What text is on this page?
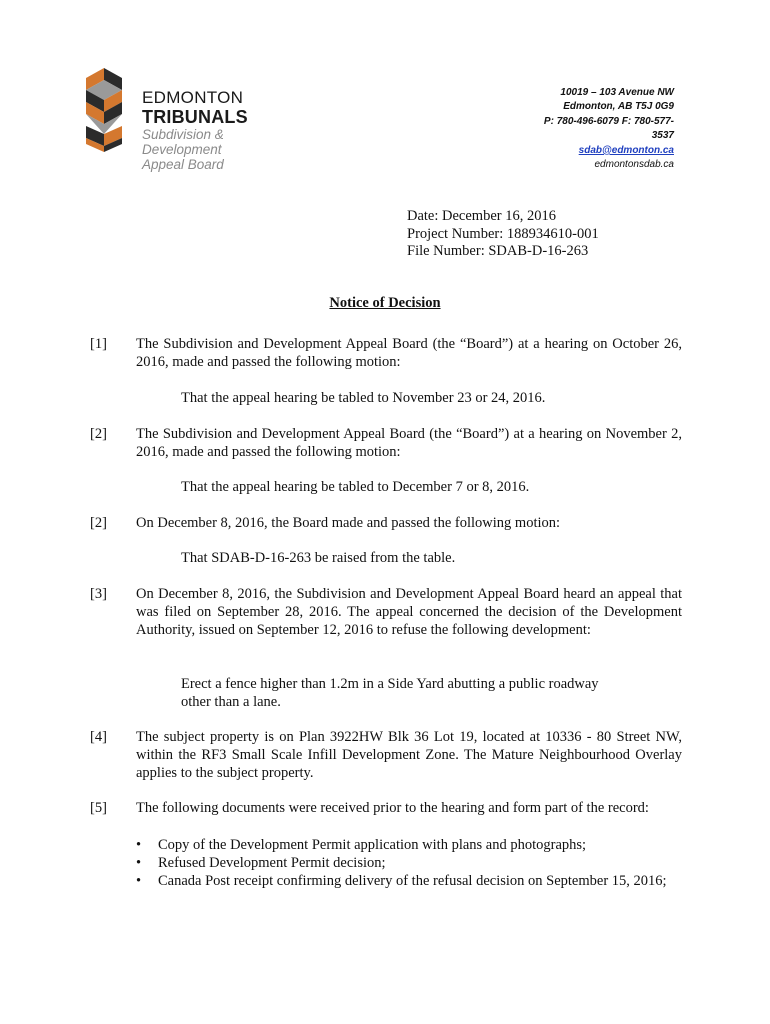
EDMONTON
TRIBUNALS
Subdivision &
Development
Appeal Board
10019 – 103 Avenue NW
Edmonton, AB T5J 0G9
P: 780-496-6079 F: 780-577-
3537
sdab@edmonton.ca
edmontonsdab.ca
Date: December 16, 2016
Project Number: 188934610-001
File Number: SDAB-D-16-263
Notice of Decision
[1] The Subdivision and Development Appeal Board (the “Board”) at a hearing on October 26, 2016, made and passed the following motion:
That the appeal hearing be tabled to November 23 or 24, 2016.
[2] The Subdivision and Development Appeal Board (the “Board”) at a hearing on November 2, 2016, made and passed the following motion:
That the appeal hearing be tabled to December 7 or 8, 2016.
[2] On December 8, 2016, the Board made and passed the following motion:
That SDAB-D-16-263 be raised from the table.
[3] On December 8, 2016, the Subdivision and Development Appeal Board heard an appeal that was filed on September 28, 2016. The appeal concerned the decision of the Development Authority, issued on September 12, 2016 to refuse the following development:
Erect a fence higher than 1.2m in a Side Yard abutting a public roadway
other than a lane.
[4] The subject property is on Plan 3922HW Blk 36 Lot 19, located at 10336 - 80 Street NW, within the RF3 Small Scale Infill Development Zone. The Mature Neighbourhood Overlay applies to the subject property.
[5] The following documents were received prior to the hearing and form part of the record:
• Copy of the Development Permit application with plans and photographs;
• Refused Development Permit decision;
• Canada Post receipt confirming delivery of the refusal decision on September 15, 2016;
